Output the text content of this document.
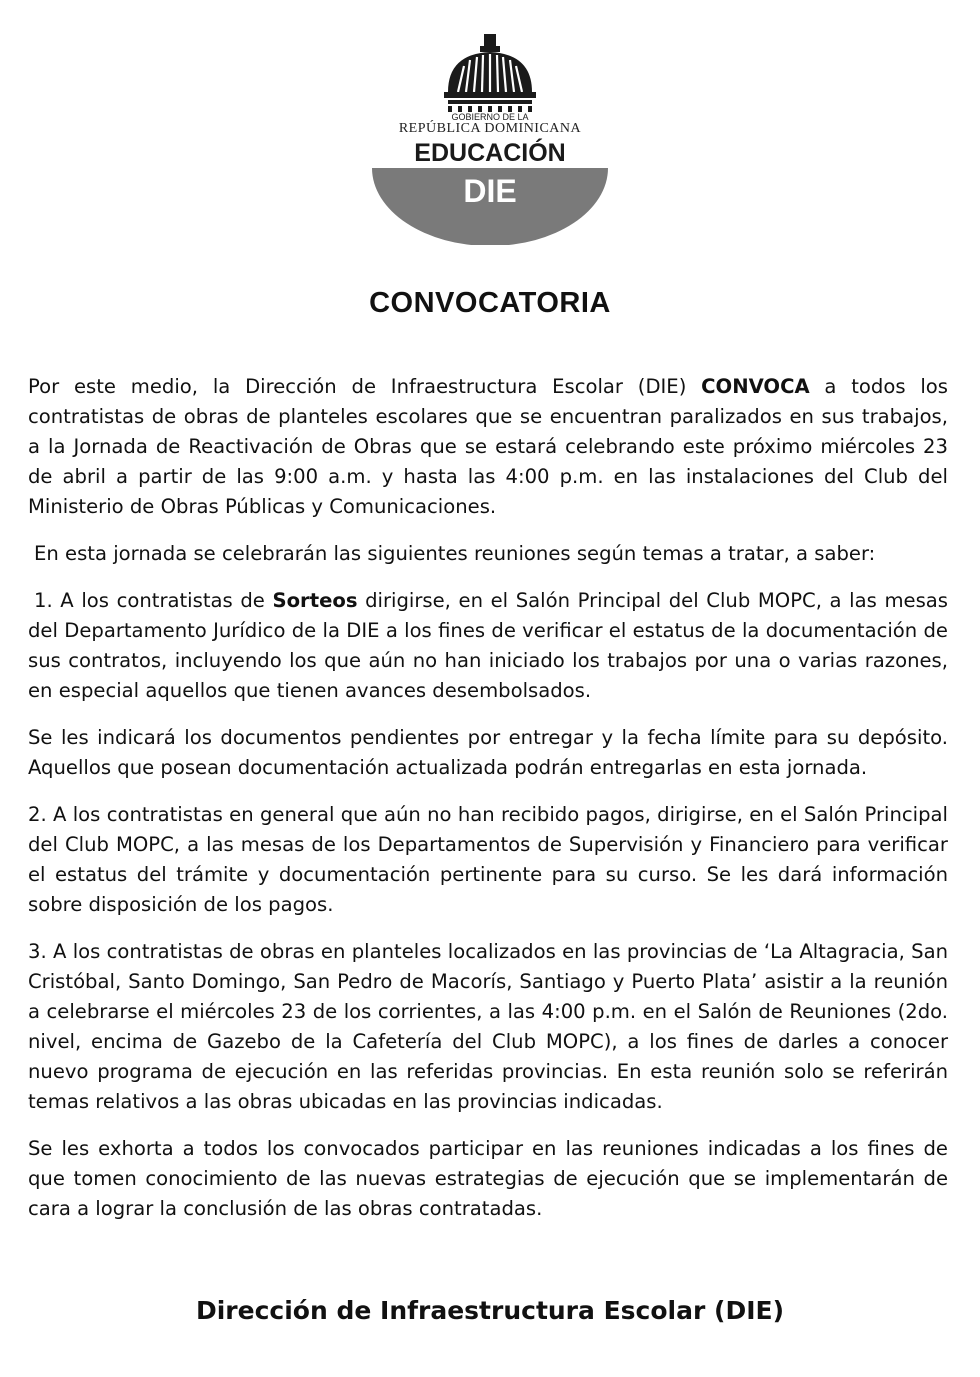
GOBIERNO DE LA
REPÚBLICA DOMINICANA
EDUCACIÓN
DIE
CONVOCATORIA

Por este medio, la Dirección de Infraestructura Escolar (DIE) CONVOCA a todos los contratistas de obras de planteles escolares que se encuentran paralizados en sus trabajos, a la Jornada de Reactivación de Obras que se estará celebrando este próximo miércoles 23 de abril a partir de las 9:00 a.m. y hasta las 4:00 p.m. en las instalaciones del Club del Ministerio de Obras Públicas y Comunicaciones.

En esta jornada se celebrarán las siguientes reuniones según temas a tratar, a saber:

1. A los contratistas de Sorteos dirigirse, en el Salón Principal del Club MOPC, a las mesas del Departamento Jurídico de la DIE a los fines de verificar el estatus de la documentación de sus contratos, incluyendo los que aún no han iniciado los trabajos por una o varias razones, en especial aquellos que tienen avances desembolsados.

Se les indicará los documentos pendientes por entregar y la fecha límite para su depósito. Aquellos que posean documentación actualizada podrán entregarlas en esta jornada.

2. A los contratistas en general que aún no han recibido pagos, dirigirse, en el Salón Principal del Club MOPC, a las mesas de los Departamentos de Supervisión y Financiero para verificar el estatus del trámite y documentación pertinente para su curso. Se les dará información sobre disposición de los pagos.

3. A los contratistas de obras en planteles localizados en las provincias de ‘La Altagracia, San Cristóbal, Santo Domingo, San Pedro de Macorís, Santiago y Puerto Plata’ asistir a la reunión a celebrarse el miércoles 23 de los corrientes, a las 4:00 p.m. en el Salón de Reuniones (2do. nivel, encima de Gazebo de la Cafetería del Club MOPC), a los fines de darles a conocer nuevo programa de ejecución en las referidas provincias. En esta reunión solo se referirán temas relativos a las obras ubicadas en las provincias indicadas.

Se les exhorta a todos los convocados participar en las reuniones indicadas a los fines de que tomen conocimiento de las nuevas estrategias de ejecución que se implementarán de cara a lograr la conclusión de las obras contratadas.

Dirección de Infraestructura Escolar (DIE)
